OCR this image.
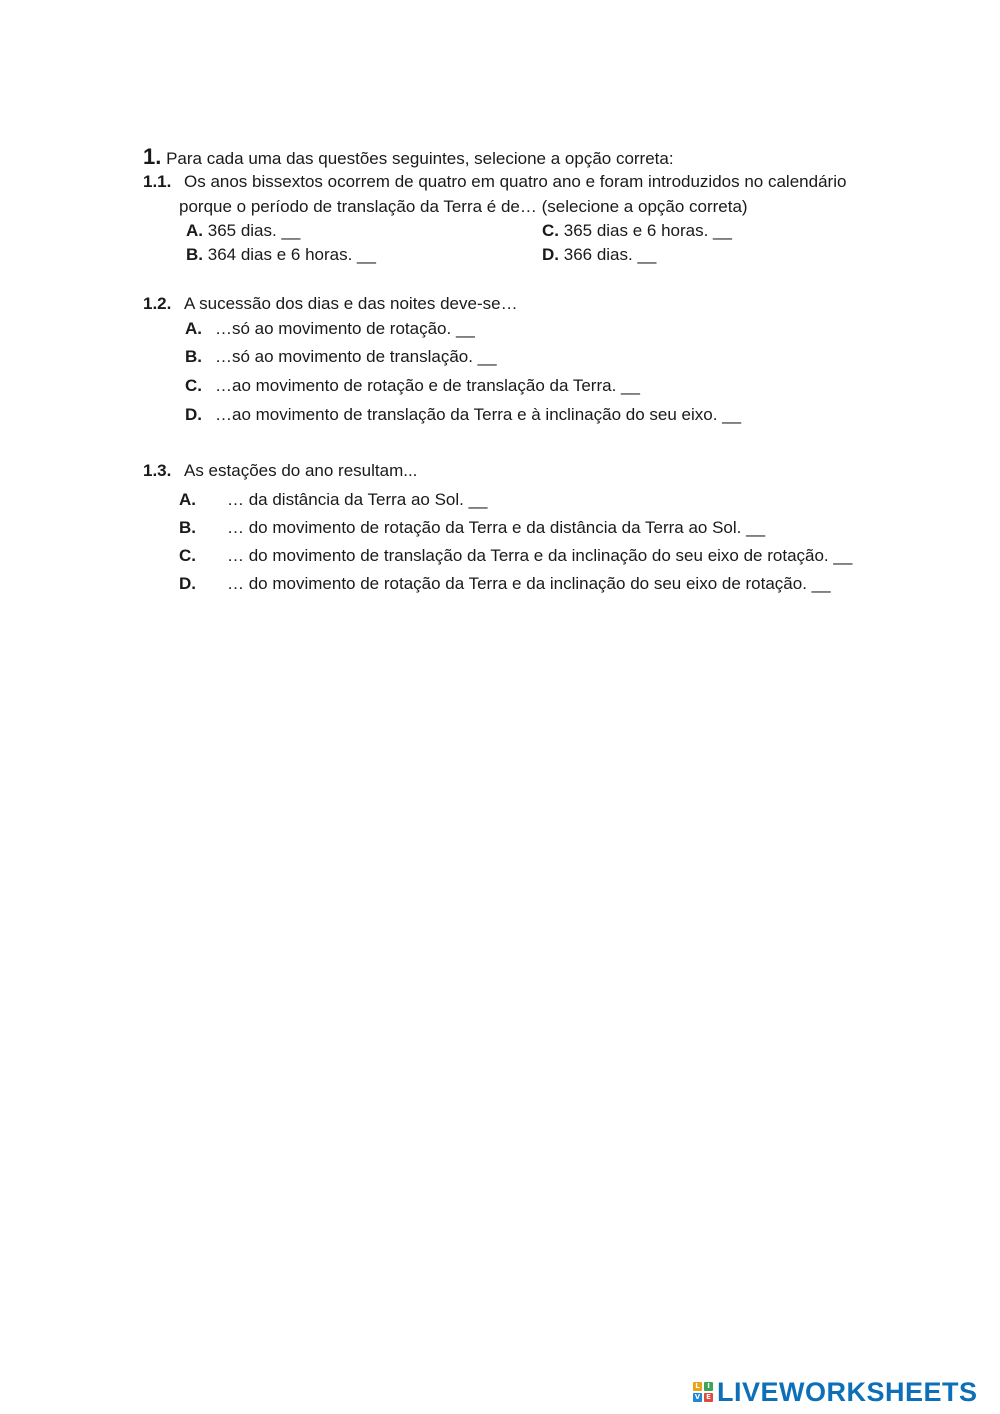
1. Para cada uma das questões seguintes, selecione a opção correta:
1.1. Os anos bissextos ocorrem de quatro em quatro ano e foram introduzidos no calendário
porque o período de translação da Terra é de… (selecione a opção correta)
A. 365 dias. __
B. 364 dias e 6 horas. __
C. 365 dias e 6 horas. __
D. 366 dias. __
1.2. A sucessão dos dias e das noites deve-se…
A. …só ao movimento de rotação. __
B. …só ao movimento de translação. __
C. …ao movimento de rotação e de translação da Terra. __
D. …ao movimento de translação da Terra e à inclinação do seu eixo. __
1.3. As estações do ano resultam...
A. … da distância da Terra ao Sol. __
B. … do movimento de rotação da Terra e da distância da Terra ao Sol. __
C. … do movimento de translação da Terra e da inclinação do seu eixo de rotação. __
D. … do movimento de rotação da Terra e da inclinação do seu eixo de rotação. __
L	I
V E LIVEWORKSHEETS
